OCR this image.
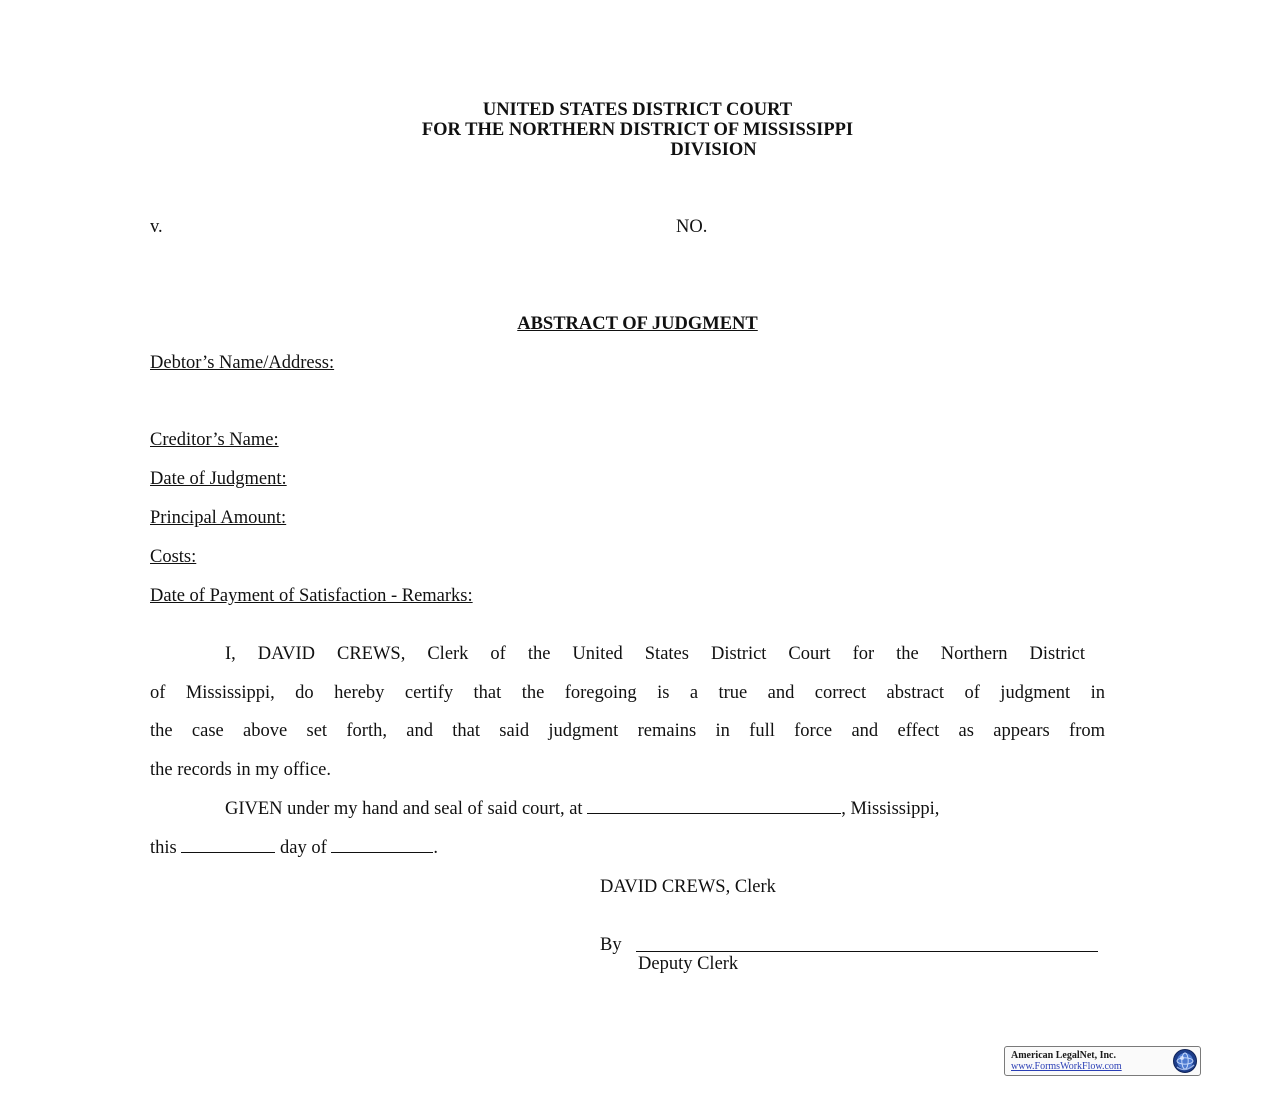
UNITED STATES DISTRICT COURT
FOR THE NORTHERN DISTRICT OF MISSISSIPPI
DIVISION
v.	NO.
ABSTRACT OF JUDGMENT
Debtor’s Name/Address:
Creditor’s Name:
Date of Judgment:
Principal Amount:
Costs:
Date of Payment of Satisfaction - Remarks:
I, DAVID CREWS, Clerk of the United States District Court for the Northern District
of Mississippi, do hereby certify that the foregoing is a true and correct abstract of judgment in
the case above set forth, and that said judgment remains in full force and effect as appears from
the records in my office.
GIVEN under my hand and seal of said court, at	, Mississippi,
this	day of	.
DAVID CREWS, Clerk
By
Deputy Clerk
American LegalNet, Inc.
www.FormsWorkFlow.com
